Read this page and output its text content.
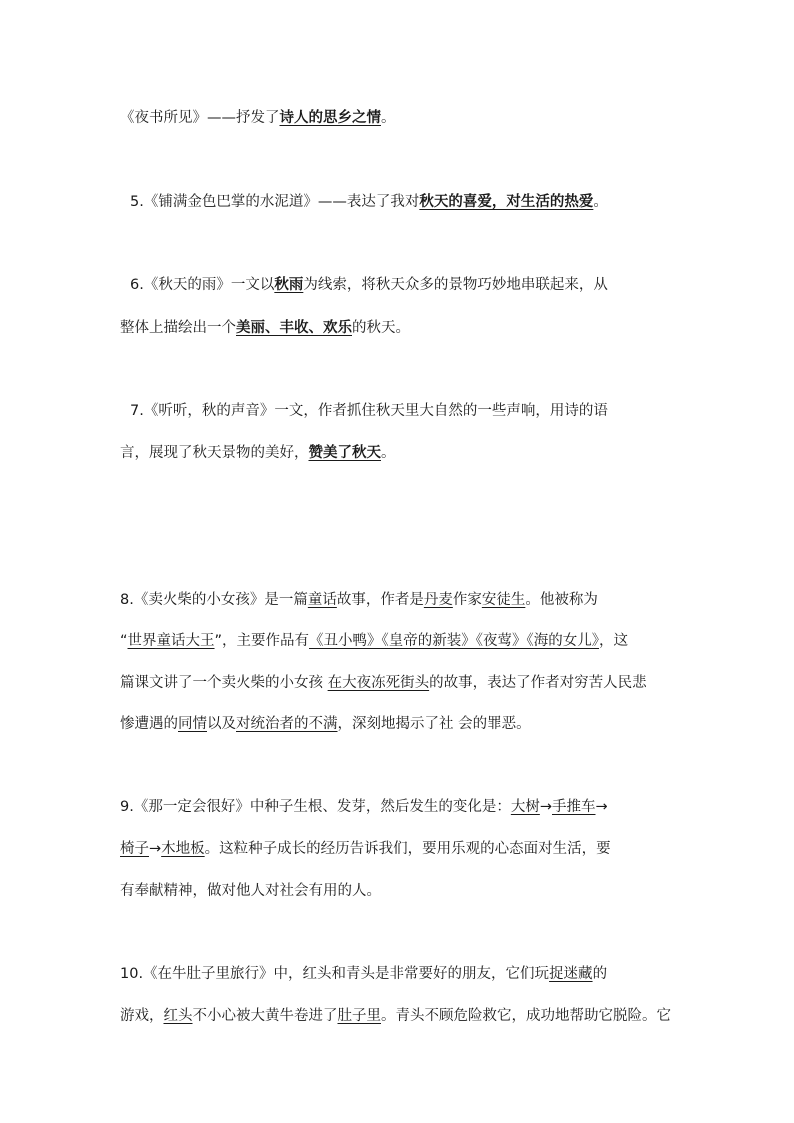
《夜书所见》——抒发了诗人的思乡之情。
5.《铺满金色巴掌的水泥道》——表达了我对秋天的喜爱，对生活的热爱。
6.《秋天的雨》一文以秋雨为线索，将秋天众多的景物巧妙地串联起来，从
整体上描绘出一个美丽、丰收、欢乐的秋天。
7.《听听，秋的声音》一文，作者抓住秋天里大自然的一些声响，用诗的语
言，展现了秋天景物的美好，赞美了秋天。
8.《卖火柴的小女孩》是一篇童话故事，作者是丹麦作家安徒生。他被称为
“世界童话大王”，主要作品有《丑小鸭》《皇帝的新装》《夜莺》《海的女儿》，这
篇课文讲了一个卖火柴的小女孩 在大夜冻死街头的故事，表达了作者对穷苦人民悲
惨遭遇的同情以及对统治者的不满，深刻地揭示了社 会的罪恶。
9.《那一定会很好》中种子生根、发芽，然后发生的变化是：大树→手推车→
椅子→木地板。这粒种子成长的经历告诉我们，要用乐观的心态面对生活，要
有奉献精神，做对他人对社会有用的人。
10.《在牛肚子里旅行》中，红头和青头是非常要好的朋友，它们玩捉迷藏的
游戏，红头不小心被大黄牛卷进了肚子里。青头不顾危险救它，成功地帮助它脱险。它
